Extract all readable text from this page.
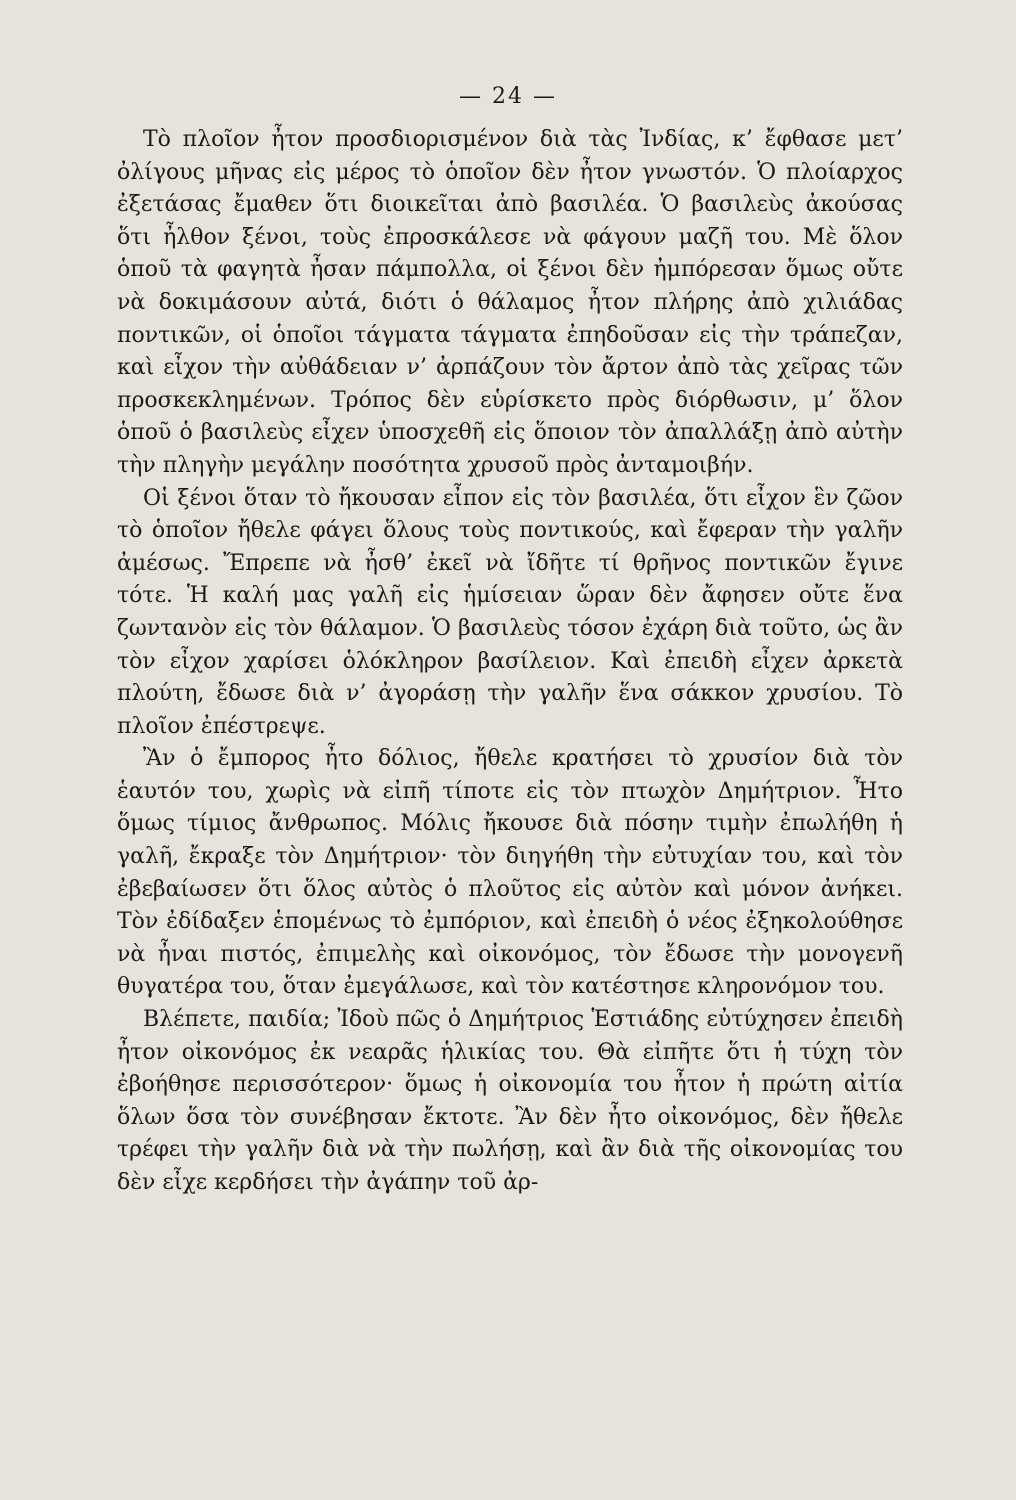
— 24 —

Τὸ πλοῖον ἦτον προσδιορισμένον διὰ τὰς Ἰνδίας, κ’ ἔφθασε μετ’ ὀλίγους μῆνας εἰς μέρος τὸ ὁποῖον δὲν ἦτον γνωστόν. Ὁ πλοίαρχος ἐξετάσας ἔμαθεν ὅτι διοικεῖται ἀπὸ βασιλέα. Ὁ βασιλεὺς ἀκούσας ὅτι ἦλθον ξένοι, τοὺς ἐπροσκάλεσε νὰ φάγουν μαζῆ του. Μὲ ὅλον ὁποῦ τὰ φαγητὰ ἦσαν πάμπολλα, οἱ ξένοι δὲν ἠμπόρεσαν ὅμως οὔτε νὰ δοκιμάσουν αὐτά, διότι ὁ θάλαμος ἦτον πλήρης ἀπὸ χιλιάδας ποντικῶν, οἱ ὁποῖοι τάγματα τάγματα ἐπηδοῦσαν εἰς τὴν τράπεζαν, καὶ εἶχον τὴν αὐθάδειαν ν’ ἀρπάζουν τὸν ἄρτον ἀπὸ τὰς χεῖρας τῶν προσκεκλημένων. Τρόπος δὲν εὑρίσκετο πρὸς διόρθωσιν, μ’ ὅλον ὁποῦ ὁ βασιλεὺς εἶχεν ὑποσχεθῆ εἰς ὅποιον τὸν ἀπαλλάξῃ ἀπὸ αὐτὴν τὴν πληγὴν μεγάλην ποσότητα χρυσοῦ πρὸς ἀνταμοιβήν.

Οἱ ξένοι ὅταν τὸ ἤκουσαν εἶπον εἰς τὸν βασιλέα, ὅτι εἶχον ἓν ζῶον τὸ ὁποῖον ἤθελε φάγει ὅλους τοὺς ποντικούς, καὶ ἔφεραν τὴν γαλῆν ἀμέσως. Ἔπρεπε νὰ ἦσθ’ ἐκεῖ νὰ ἴδῆτε τί θρῆνος ποντικῶν ἔγινε τότε. Ἡ καλή μας γαλῆ εἰς ἡμίσειαν ὥραν δὲν ἄφησεν οὔτε ἕνα ζωντανὸν εἰς τὸν θάλαμον. Ὁ βασιλεὺς τόσον ἐχάρη διὰ τοῦτο, ὡς ἂν τὸν εἶχον χαρίσει ὁλόκληρον βασίλειον. Καὶ ἐπειδὴ εἶχεν ἀρκετὰ πλούτη, ἔδωσε διὰ ν’ ἀγοράσῃ τὴν γαλῆν ἕνα σάκκον χρυσίου. Τὸ πλοῖον ἐπέστρεψε.

Ἂν ὁ ἔμπορος ἦτο δόλιος, ἤθελε κρατήσει τὸ χρυσίον διὰ τὸν ἑαυτόν του, χωρὶς νὰ εἰπῆ τίποτε εἰς τὸν πτωχὸν Δημήτριον. Ἦτο ὅμως τίμιος ἄνθρωπος. Μόλις ἤκουσε διὰ πόσην τιμὴν ἐπωλήθη ἡ γαλῆ, ἔκραξε τὸν Δημήτριον· τὸν διηγήθη τὴν εὐτυχίαν του, καὶ τὸν ἐβεβαίωσεν ὅτι ὅλος αὐτὸς ὁ πλοῦτος εἰς αὐτὸν καὶ μόνον ἀνήκει. Τὸν ἐδίδαξεν ἑπομένως τὸ ἐμπόριον, καὶ ἐπειδὴ ὁ νέος ἐξηκολούθησε νὰ ἦναι πιστός, ἐπιμελὴς καὶ οἰκονόμος, τὸν ἔδωσε τὴν μονογενῆ θυγατέρα του, ὅταν ἐμεγάλωσε, καὶ τὸν κατέστησε κληρονόμον του.

Βλέπετε, παιδία; Ἰδοὺ πῶς ὁ Δημήτριος Ἑστιάδης εὐτύχησεν ἐπειδὴ ἦτον οἰκονόμος ἐκ νεαρᾶς ἡλικίας του. Θὰ εἰπῆτε ὅτι ἡ τύχη τὸν ἐβοήθησε περισσότερον· ὅμως ἡ οἰκονομία του ἦτον ἡ πρώτη αἰτία ὅλων ὅσα τὸν συνέβησαν ἔκτοτε. Ἂν δὲν ἦτο οἰκονόμος, δὲν ἤθελε τρέφει τὴν γαλῆν διὰ νὰ τὴν πωλήσῃ, καὶ ἂν διὰ τῆς οἰκονομίας του δὲν εἶχε κερδήσει τὴν ἀγάπην τοῦ ἀρ-
